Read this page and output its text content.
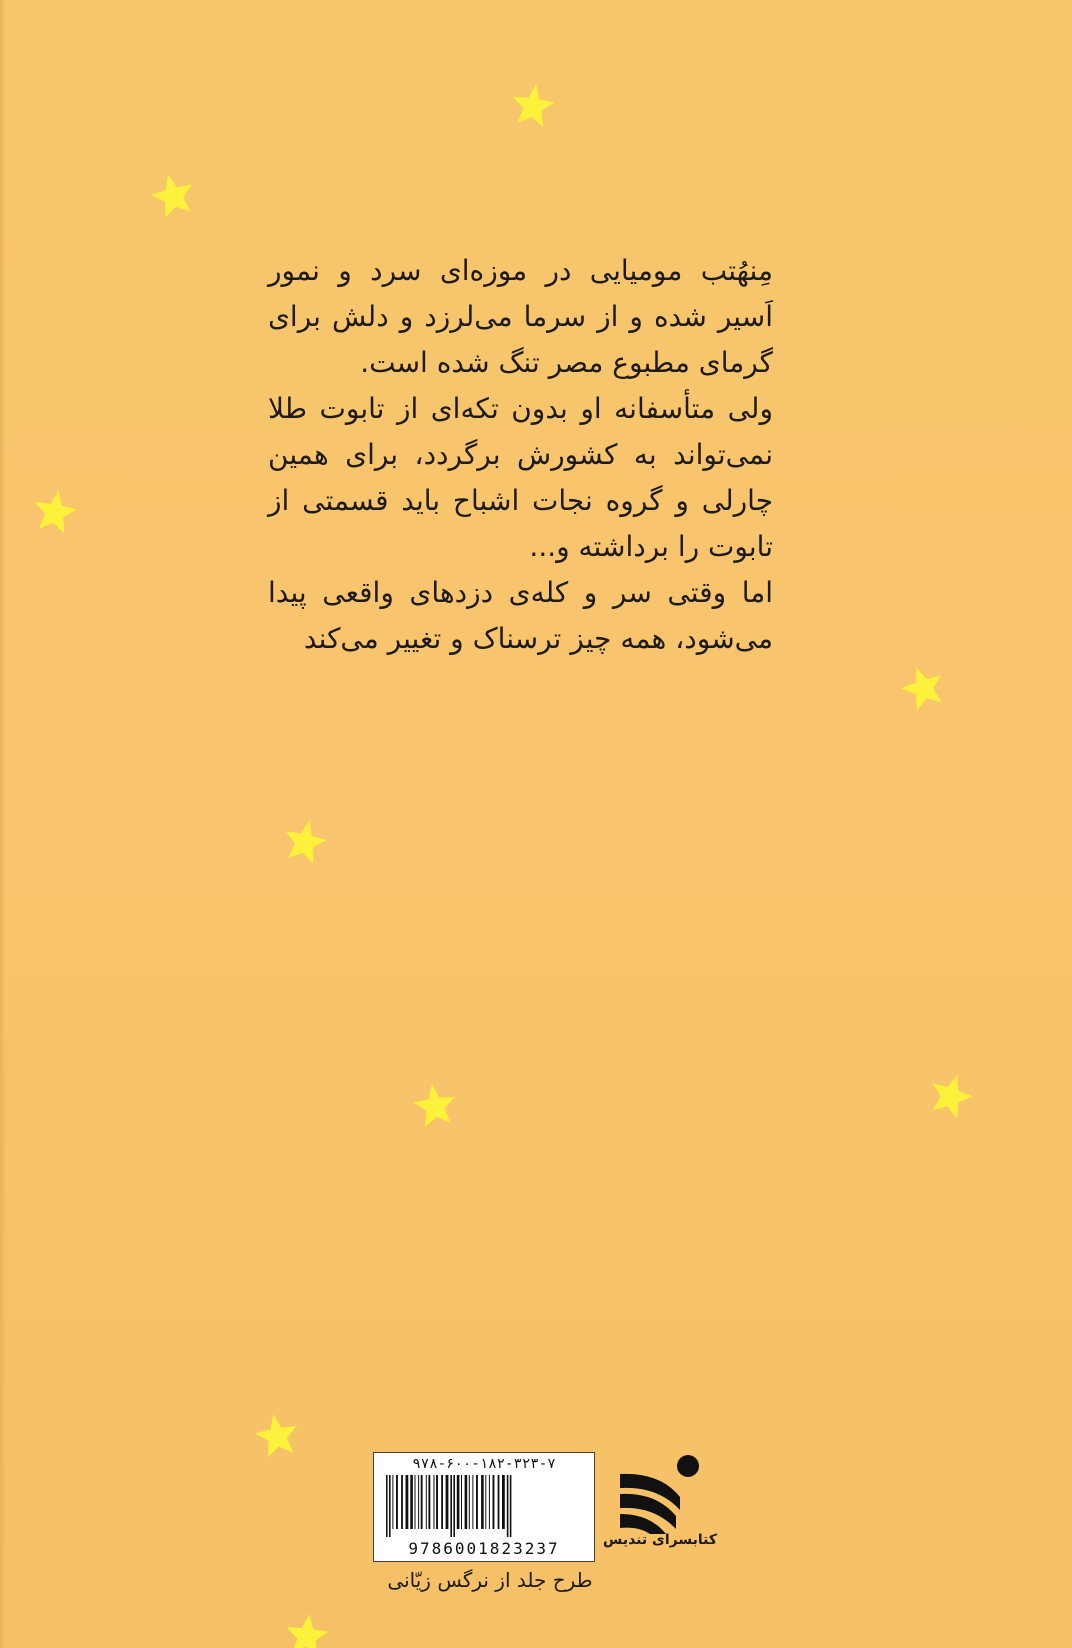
مِنهُتب مومیایی در موزه‌ای سرد و نمور اَسیر شده و از سرما می‌لرزد و دلش برای گرمای مطبوع مصر تنگ شده است.

ولی متأسفانه او بدون تکه‌ای از تابوت طلا نمی‌تواند به کشورش برگردد، برای همین چارلی و گروه نجات اشباح باید قسمتی از تابوت را برداشته و...

اما وقتی سر و کله‌ی دزدهای واقعی پیدا می‌شود، همه چیز ترسناک و تغییر می‌کند

۹۷۸-۶۰۰-۱۸۲-۳۲۳-۷
9786001823237
طرح جلد از نرگس زیّانی
کتابسرای تندیس
